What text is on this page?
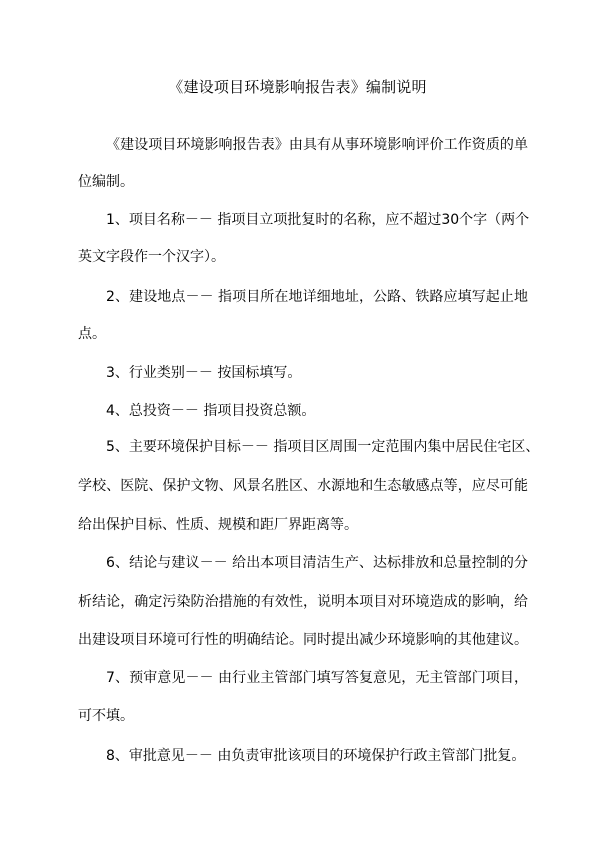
《建设项目环境影响报告表》编制说明
《建设项目环境影响报告表》由具有从事环境影响评价工作资质的单
位编制。
1、项目名称－－ 指项目立项批复时的名称，应不超过30个字（两个
英文字段作一个汉字）。
2、建设地点－－ 指项目所在地详细地址，公路、铁路应填写起止地
点。
3、行业类别－－ 按国标填写。
4、总投资－－ 指项目投资总额。
5、主要环境保护目标－－ 指项目区周围一定范围内集中居民住宅区、
学校、医院、保护文物、风景名胜区、水源地和生态敏感点等，应尽可能
给出保护目标、性质、规模和距厂界距离等。
6、结论与建议－－ 给出本项目清洁生产、达标排放和总量控制的分
析结论，确定污染防治措施的有效性，说明本项目对环境造成的影响，给
出建设项目环境可行性的明确结论。同时提出减少环境影响的其他建议。
7、预审意见－－ 由行业主管部门填写答复意见，无主管部门项目，
可不填。
8、审批意见－－ 由负责审批该项目的环境保护行政主管部门批复。
